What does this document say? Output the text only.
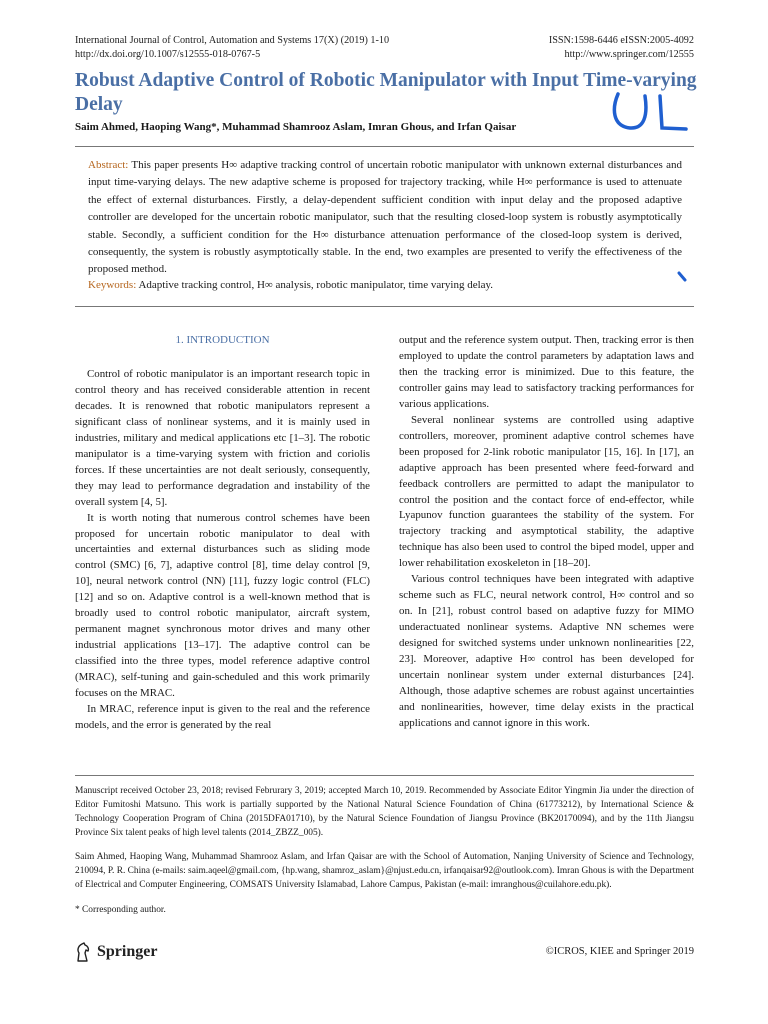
International Journal of Control, Automation and Systems 17(X) (2019) 1-10
http://dx.doi.org/10.1007/s12555-018-0767-5
ISSN:1598-6446 eISSN:2005-4092
http://www.springer.com/12555
Robust Adaptive Control of Robotic Manipulator with Input Time-varying Delay
Saim Ahmed, Haoping Wang*, Muhammad Shamrooz Aslam, Imran Ghous, and Irfan Qaisar

Abstract: This paper presents H∞ adaptive tracking control of uncertain robotic manipulator with unknown external disturbances and input time-varying delays. The new adaptive scheme is proposed for trajectory tracking, while H∞ performance is used to attenuate the effect of external disturbances. Firstly, a delay-dependent sufficient condition with input delay and the proposed adaptive controller are developed for the uncertain robotic manipulator, such that the resulting closed-loop system is robustly asymptotically stable. Secondly, a sufficient condition for the H∞ disturbance attenuation performance of the closed-loop system is derived, consequently, the system is robustly asymptotically stable. In the end, two examples are presented to verify the effectiveness of the proposed method.

Keywords: Adaptive tracking control, H∞ analysis, robotic manipulator, time varying delay.

1. INTRODUCTION

Control of robotic manipulator is an important research topic in control theory and has received considerable attention in recent decades. It is renowned that robotic manipulators represent a significant class of nonlinear systems, and it is mainly used in industries, military and medical applications etc [1–3]. The robotic manipulator is a time-varying system with friction and coriolis forces. If these uncertainties are not dealt seriously, consequently, they may lead to performance degradation and instability of the overall system [4, 5].

It is worth noting that numerous control schemes have been proposed for uncertain robotic manipulator to deal with uncertainties and external disturbances such as sliding mode control (SMC) [6, 7], adaptive control [8], time delay control [9, 10], neural network control (NN) [11], fuzzy logic control (FLC) [12] and so on. Adaptive control is a well-known method that is broadly used to control robotic manipulator, aircraft system, permanent magnet synchronous motor drives and many other industrial applications [13–17]. The adaptive control can be classified into the three types, model reference adaptive control (MRAC), self-tuning and gain-scheduled and this work primarily focuses on the MRAC.

In MRAC, reference input is given to the real and the reference models, and the error is generated by the real

output and the reference system output. Then, tracking error is then employed to update the control parameters by adaptation laws and then the tracking error is minimized. Due to this feature, the controller gains may lead to satisfactory tracking performances for various applications.

Several nonlinear systems are controlled using adaptive controllers, moreover, prominent adaptive control schemes have been proposed for 2-link robotic manipulator [15, 16]. In [17], an adaptive approach has been presented where feed-forward and feedback controllers are permitted to adapt the manipulator to control the position and the contact force of end-effector, while Lyapunov function guarantees the stability of the system. For trajectory tracking and asymptotical stability, the adaptive technique has also been used to control the biped model, upper and lower rehabilitation exoskeleton in [18–20].

Various control techniques have been integrated with adaptive scheme such as FLC, neural network control, H∞ control and so on. In [21], robust control based on adaptive fuzzy for MIMO underactuated nonlinear systems. Adaptive NN schemes were designed for switched systems under unknown nonlinearities [22, 23]. Moreover, adaptive H∞ control has been developed for uncertain nonlinear system under external disturbances [24]. Although, those adaptive schemes are robust against uncertainties and nonlinearities, however, time delay exists in the practical applications and cannot ignore in this work.

Manuscript received October 23, 2018; revised Februrary 3, 2019; accepted March 10, 2019. Recommended by Associate Editor Yingmin Jia under the direction of Editor Fumitoshi Matsuno. This work is partially supported by the National Natural Science Foundation of China (61773212), by International Science & Technology Cooperation Program of China (2015DFA01710), by the Natural Science Foundation of Jiangsu Province (BK20170094), and by the 11th Jiangsu Province Six talent peaks of high level talents (2014_ZBZZ_005).

Saim Ahmed, Haoping Wang, Muhammad Shamrooz Aslam, and Irfan Qaisar are with the School of Automation, Nanjing University of Science and Technology, 210094, P. R. China (e-mails: saim.aqeel@gmail.com, {hp.wang, shamroz_aslam}@njust.edu.cn, irfanqaisar92@outlook.com). Imran Ghous is with the Department of Electrical and Computer Engineering, COMSATS University Islamabad, Lahore Campus, Pakistan (e-mail: imranghous@cuilahore.edu.pk).

* Corresponding author.

Springer	©ICROS, KIEE and Springer 2019
